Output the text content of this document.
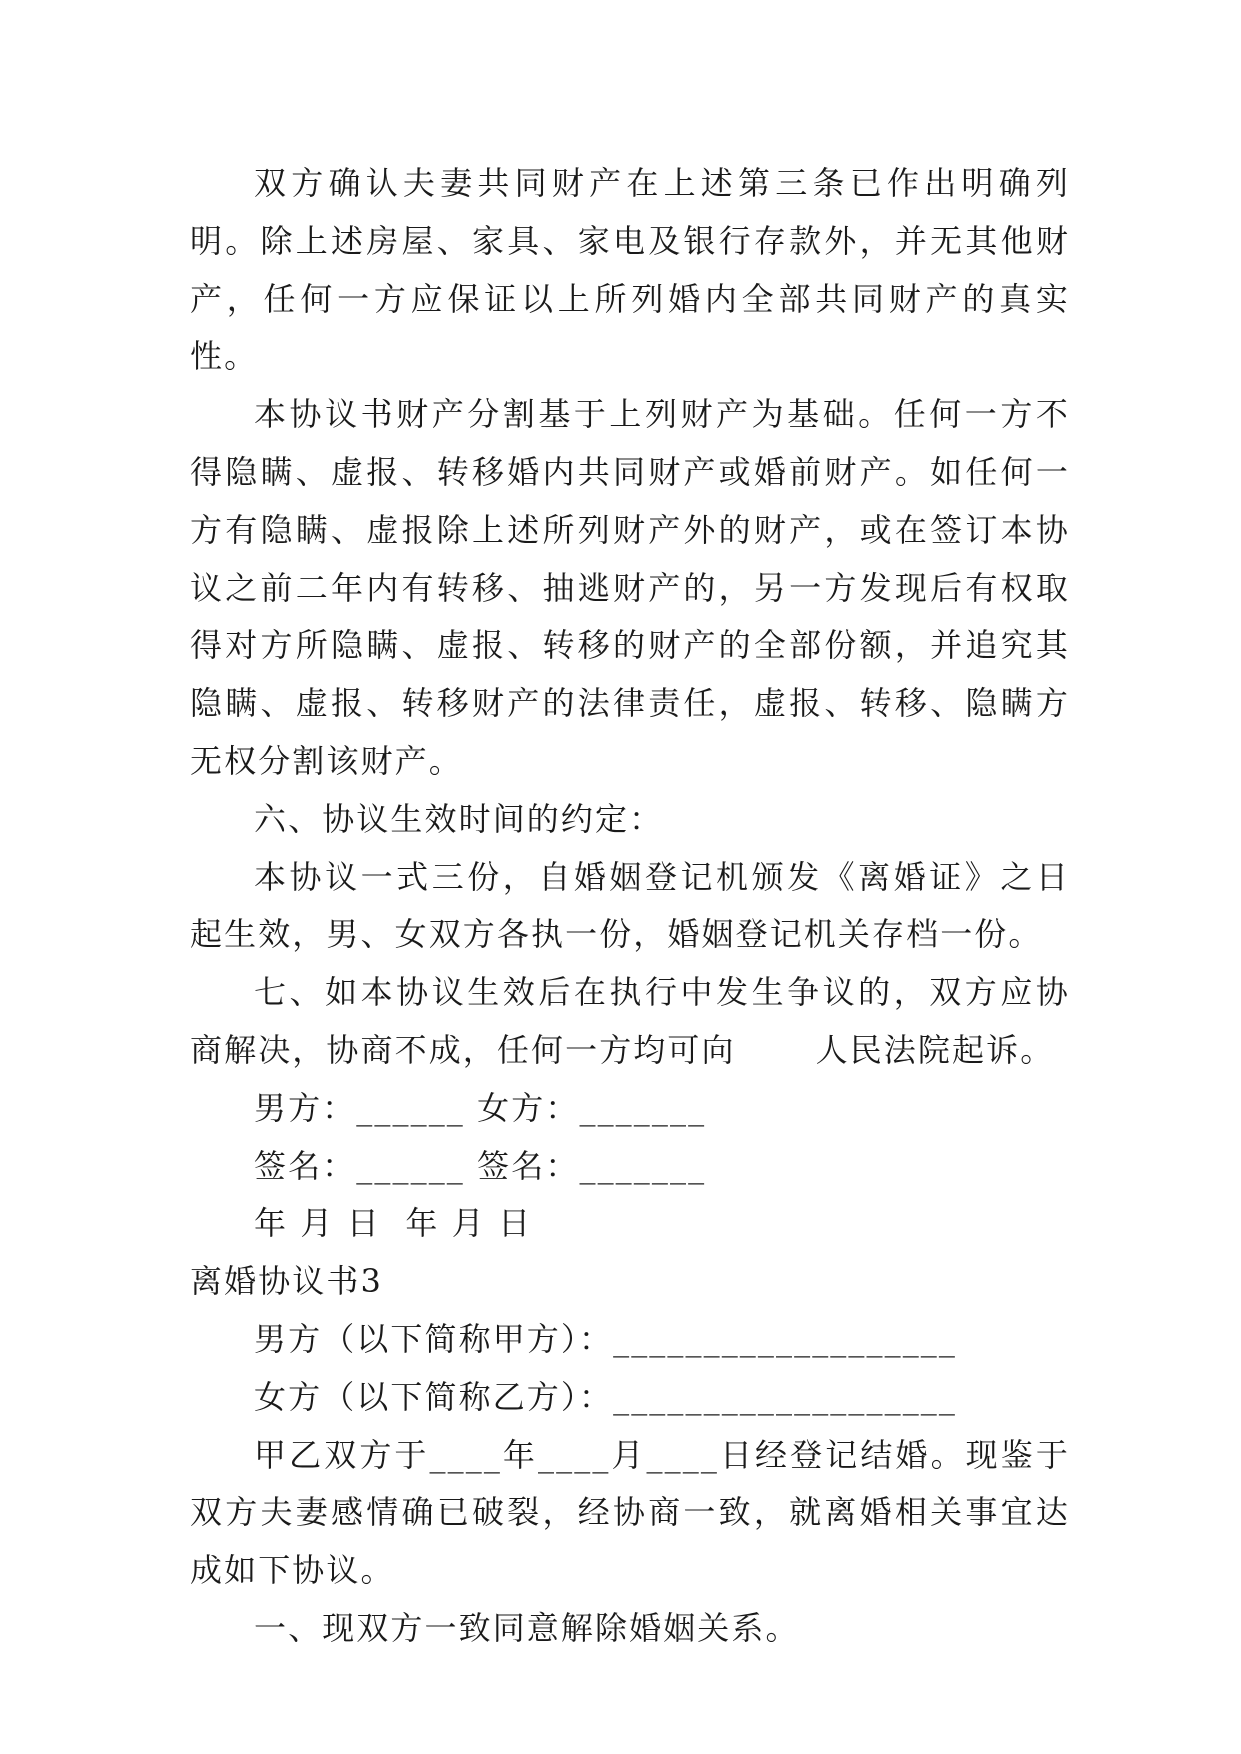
双方确认夫妻共同财产在上述第三条已作出明确列明。除上述房屋、家具、家电及银行存款外，并无其他财产，任何一方应保证以上所列婚内全部共同财产的真实性。

本协议书财产分割基于上列财产为基础。任何一方不得隐瞒、虚报、转移婚内共同财产或婚前财产。如任何一方有隐瞒、虚报除上述所列财产外的财产，或在签订本协议之前二年内有转移、抽逃财产的，另一方发现后有权取得对方所隐瞒、虚报、转移的财产的全部份额，并追究其隐瞒、虚报、转移财产的法律责任，虚报、转移、隐瞒方无权分割该财产。

六、协议生效时间的约定：

本协议一式三份，自婚姻登记机颁发《离婚证》之日起生效，男、女双方各执一份，婚姻登记机关存档一份。

七、如本协议生效后在执行中发生争议的，双方应协商解决，协商不成，任何一方均可向	人民法院起诉。

男方：______ 女方：_______

签名：______ 签名：_______

年 月 日  年 月 日

离婚协议书3

男方（以下简称甲方）：___________________

女方（以下简称乙方）：___________________

甲乙双方于____年____月____日经登记结婚。现鉴于双方夫妻感情确已破裂，经协商一致，就离婚相关事宜达成如下协议。

一、现双方一致同意解除婚姻关系。
